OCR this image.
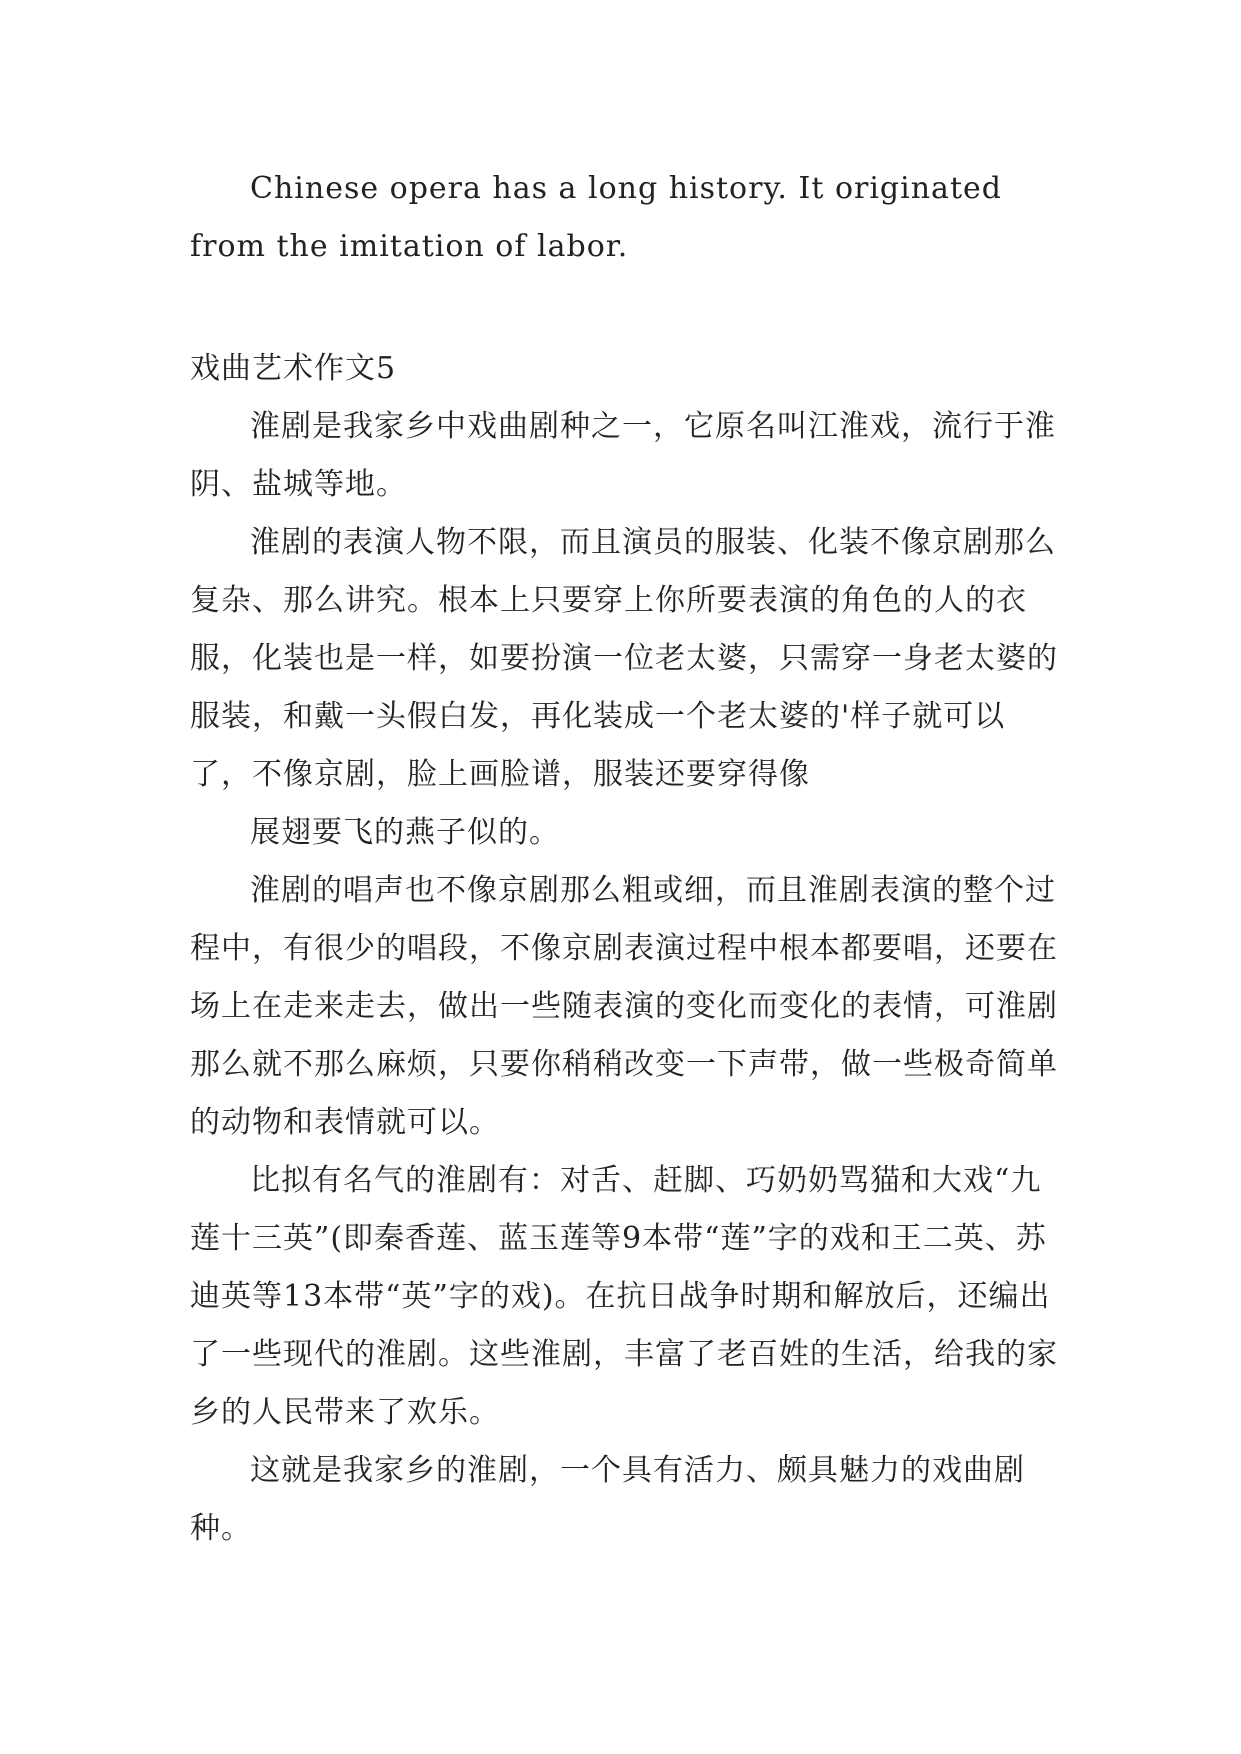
Chinese opera has a long history. It originated from the imitation of labor.

戏曲艺术作文5

淮剧是我家乡中戏曲剧种之一，它原名叫江淮戏，流行于淮阴、盐城等地。

淮剧的表演人物不限，而且演员的服装、化装不像京剧那么复杂、那么讲究。根本上只要穿上你所要表演的角色的人的衣服，化装也是一样，如要扮演一位老太婆，只需穿一身老太婆的服装，和戴一头假白发，再化装成一个老太婆的'样子就可以了，不像京剧，脸上画脸谱，服装还要穿得像

展翅要飞的燕子似的。

淮剧的唱声也不像京剧那么粗或细，而且淮剧表演的整个过程中，有很少的唱段，不像京剧表演过程中根本都要唱，还要在场上在走来走去，做出一些随表演的变化而变化的表情，可淮剧那么就不那么麻烦，只要你稍稍改变一下声带，做一些极奇简单的动物和表情就可以。

比拟有名气的淮剧有：对舌、赶脚、巧奶奶骂猫和大戏“九莲十三英”(即秦香莲、蓝玉莲等9本带“莲”字的戏和王二英、苏迪英等13本带“英”字的戏)。在抗日战争时期和解放后，还编出了一些现代的淮剧。这些淮剧，丰富了老百姓的生活，给我的家乡的人民带来了欢乐。

这就是我家乡的淮剧，一个具有活力、颇具魅力的戏曲剧种。
